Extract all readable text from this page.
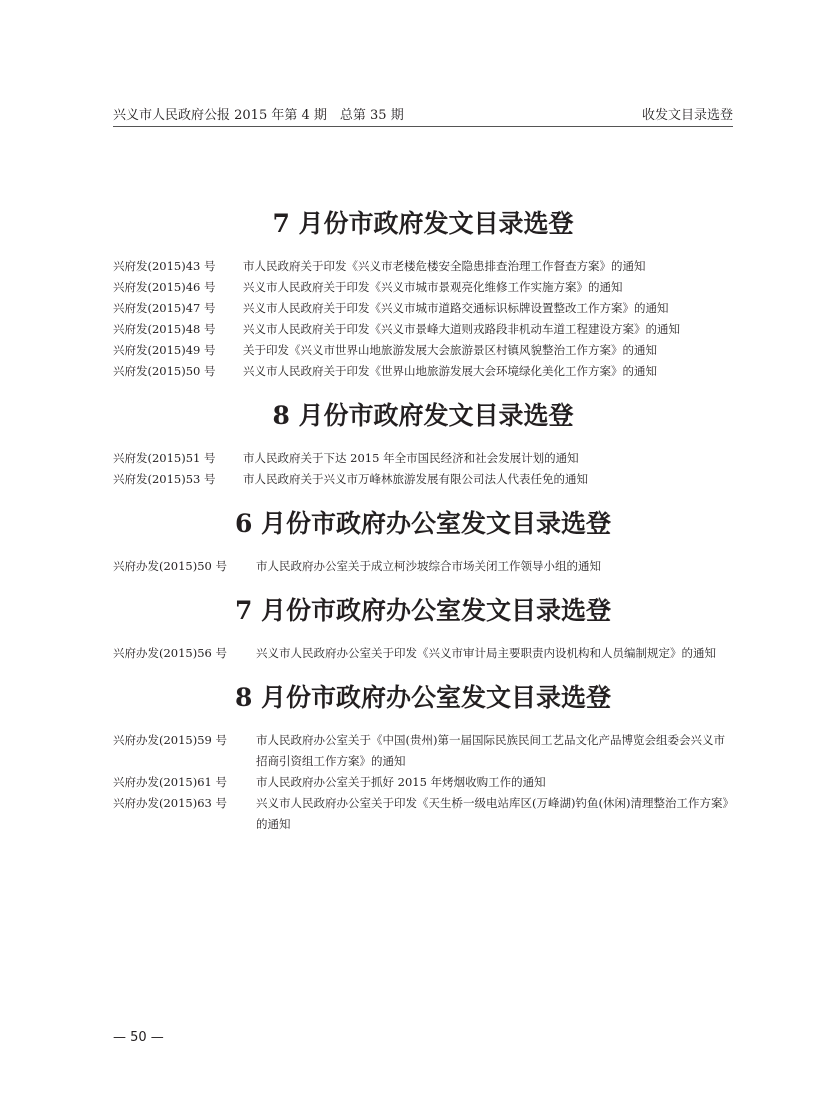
兴义市人民政府公报 2015 年第 4 期　总第 35 期	收发文目录选登
7 月份市政府发文目录选登
兴府发(2015)43 号	市人民政府关于印发《兴义市老楼危楼安全隐患排查治理工作督查方案》的通知
兴府发(2015)46 号	兴义市人民政府关于印发《兴义市城市景观亮化维修工作实施方案》的通知
兴府发(2015)47 号	兴义市人民政府关于印发《兴义市城市道路交通标识标牌设置整改工作方案》的通知
兴府发(2015)48 号	兴义市人民政府关于印发《兴义市景峰大道则戎路段非机动车道工程建设方案》的通知
兴府发(2015)49 号	关于印发《兴义市世界山地旅游发展大会旅游景区村镇风貌整治工作方案》的通知
兴府发(2015)50 号	兴义市人民政府关于印发《世界山地旅游发展大会环境绿化美化工作方案》的通知
8 月份市政府发文目录选登
兴府发(2015)51 号	市人民政府关于下达 2015 年全市国民经济和社会发展计划的通知
兴府发(2015)53 号	市人民政府关于兴义市万峰林旅游发展有限公司法人代表任免的通知
6 月份市政府办公室发文目录选登
兴府办发(2015)50 号	市人民政府办公室关于成立柯沙坡综合市场关闭工作领导小组的通知
7 月份市政府办公室发文目录选登
兴府办发(2015)56 号	兴义市人民政府办公室关于印发《兴义市审计局主要职责内设机构和人员编制规定》的通知
8 月份市政府办公室发文目录选登
兴府办发(2015)59 号	市人民政府办公室关于《中国(贵州)第一届国际民族民间工艺品文化产品博览会组委会兴义市招商引资组工作方案》的通知
兴府办发(2015)61 号	市人民政府办公室关于抓好 2015 年烤烟收购工作的通知
兴府办发(2015)63 号	兴义市人民政府办公室关于印发《天生桥一级电站库区(万峰湖)钓鱼(休闲)清理整治工作方案》的通知
— 50 —
